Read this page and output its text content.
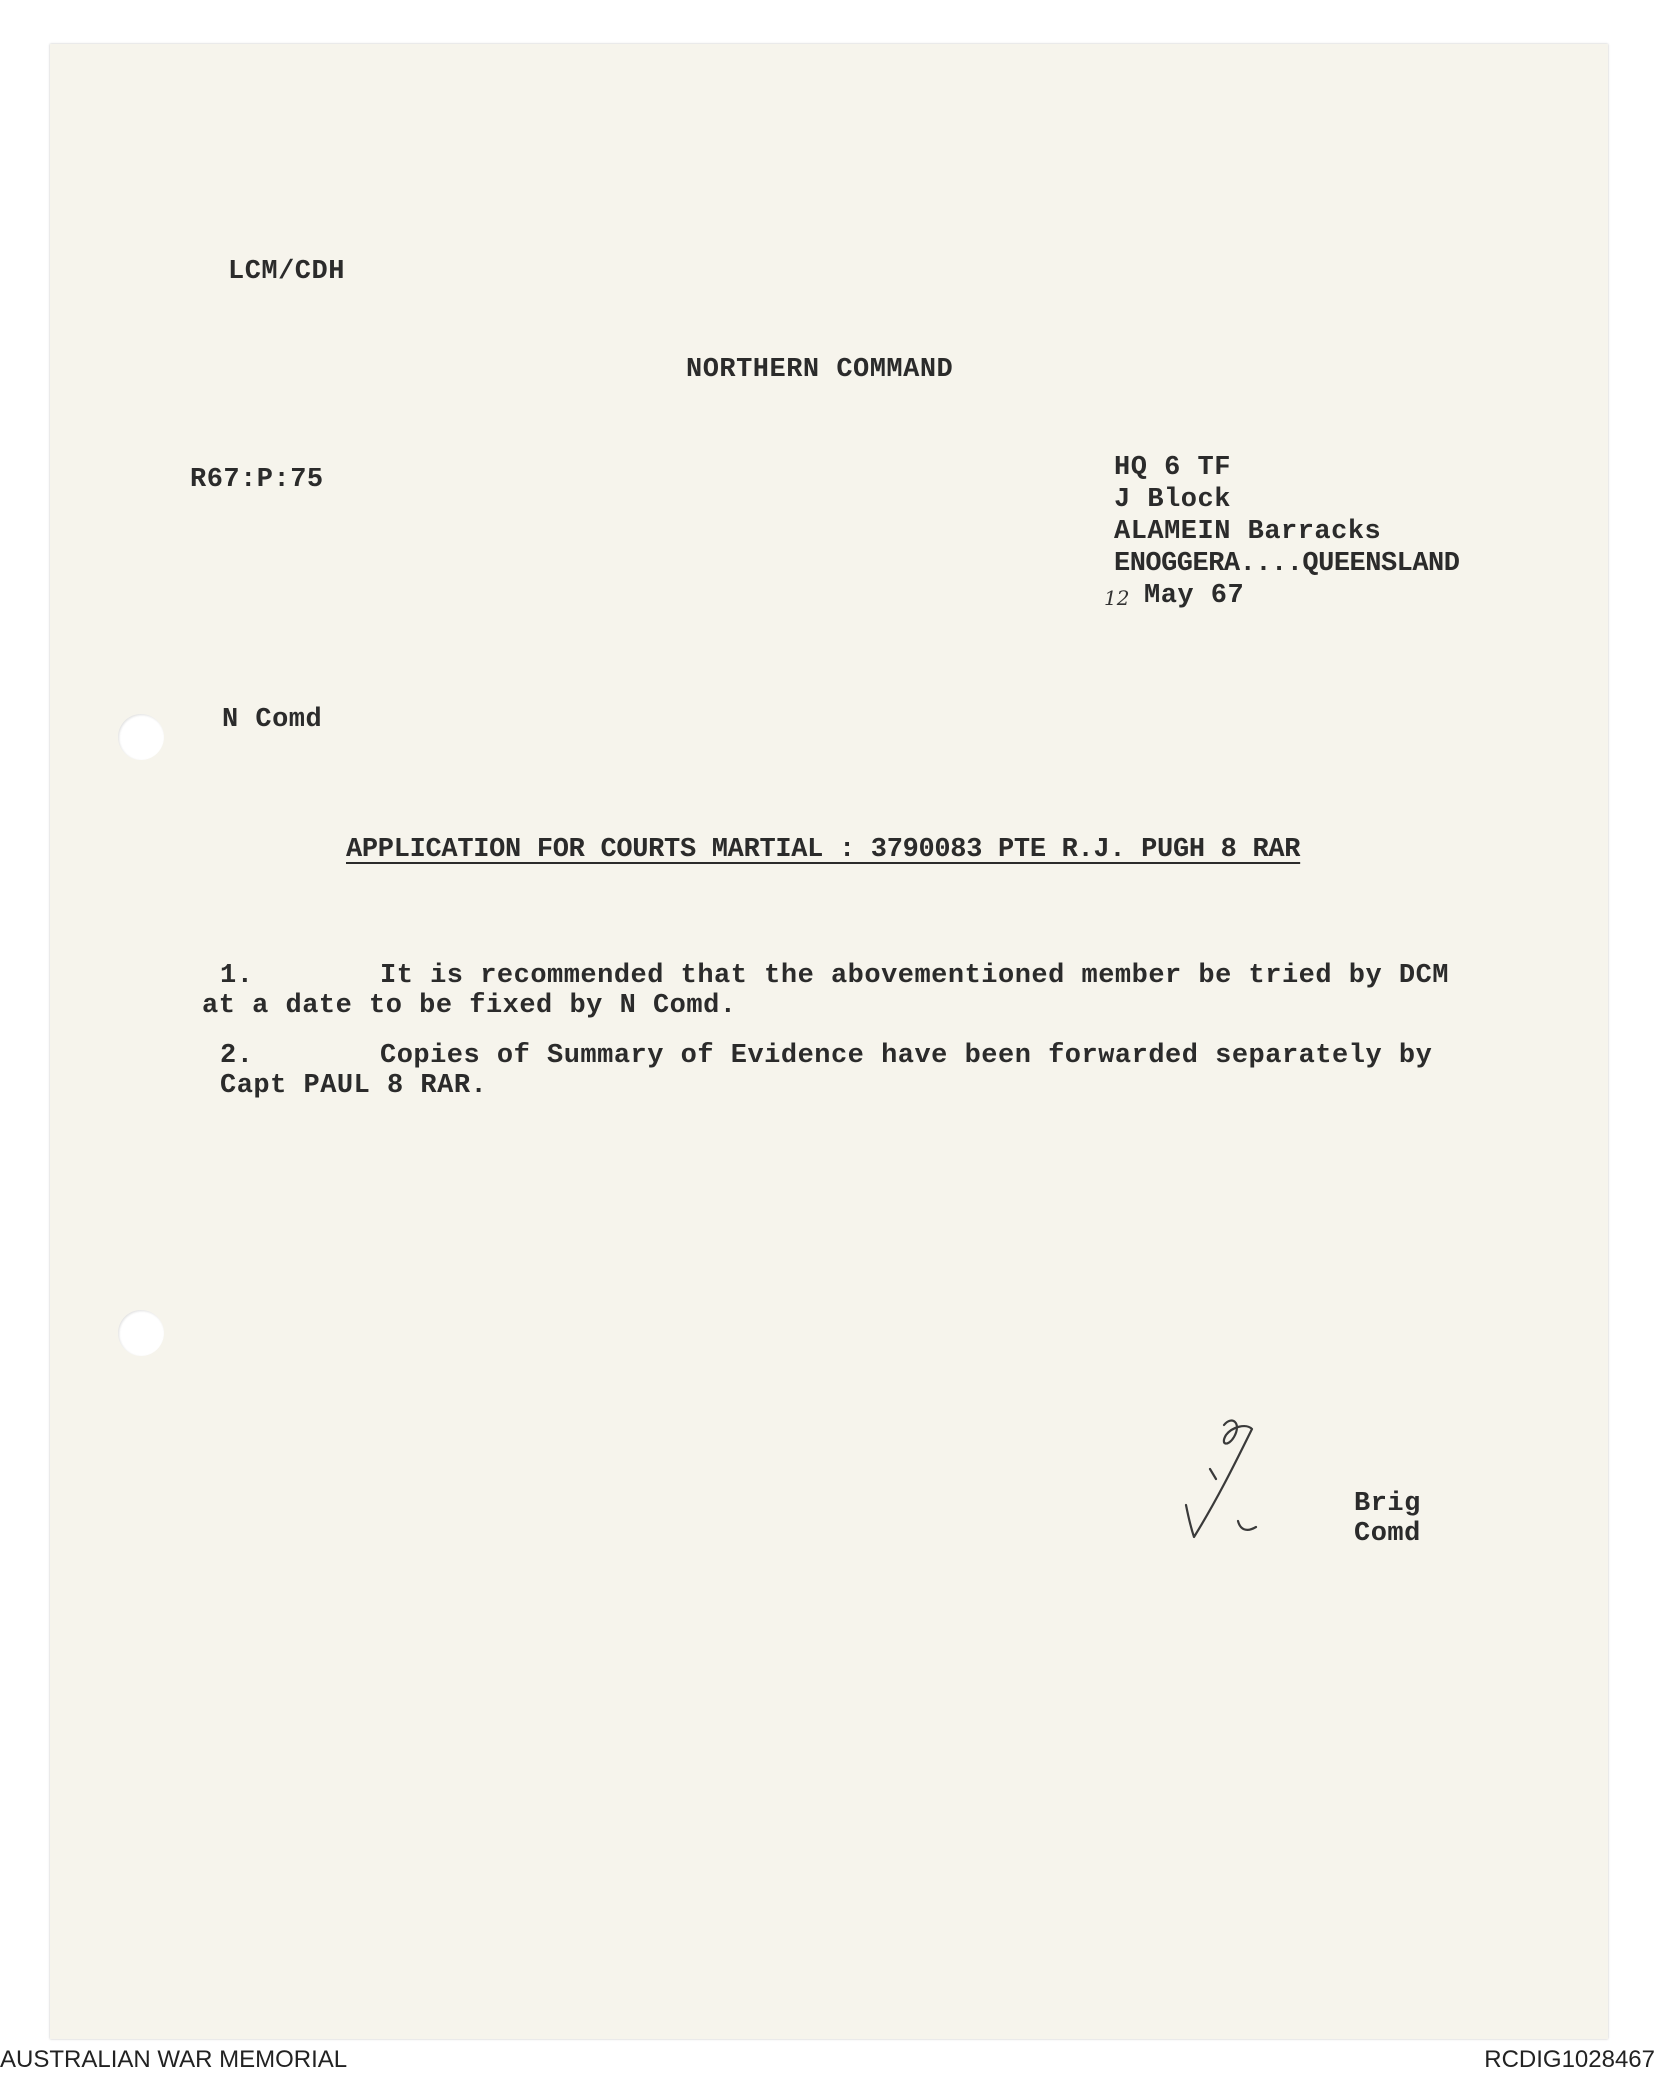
LCM/CDH
NORTHERN COMMAND
R67:P:75	HQ 6 TF
J Block
ALAMEIN Barracks
ENOGGERA....QUEENSLAND
12 May 67
N Comd
APPLICATION FOR COURTS MARTIAL : 3790083 PTE R.J. PUGH 8 RAR
1.	It is recommended that the abovementioned member be tried by DCM
at a date to be fixed by N Comd.
2.	Copies of Summary of Evidence have been forwarded separately by
Capt PAUL 8 RAR.
Brig
Comd
AUSTRALIAN WAR MEMORIAL	RCDIG1028467
